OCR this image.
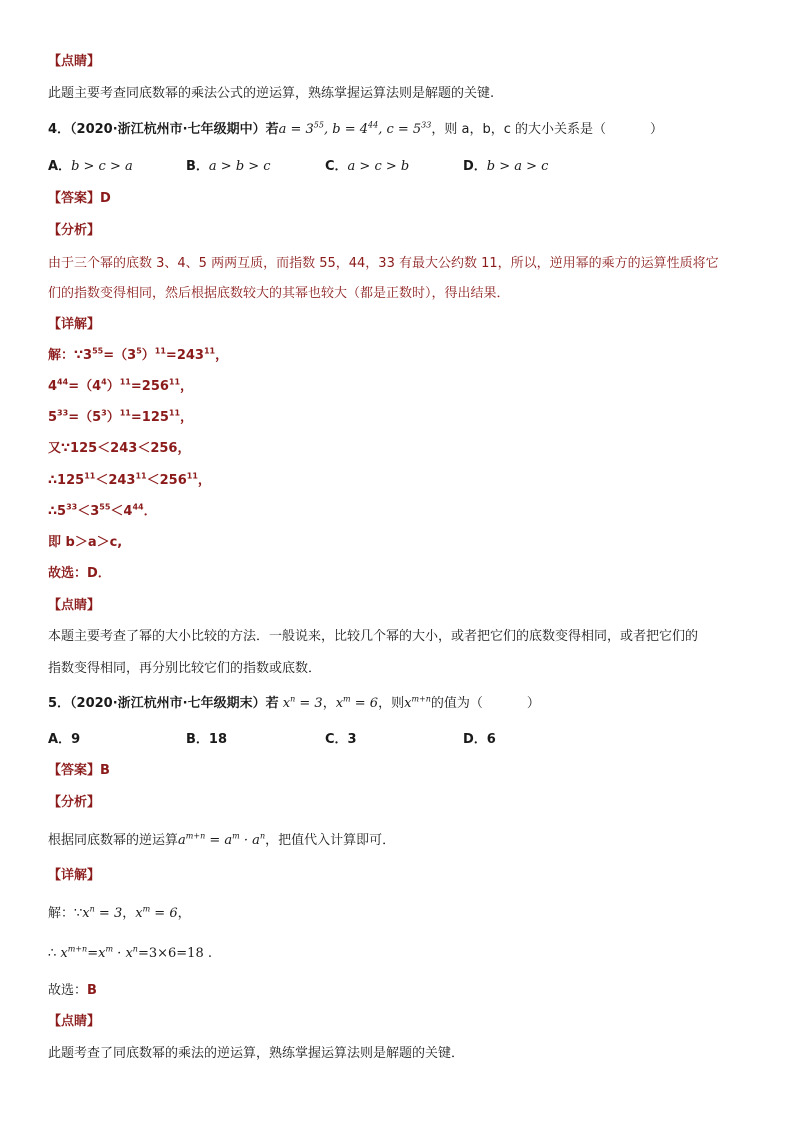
【点睛】
此题主要考查同底数幂的乘法公式的逆运算，熟练掌握运算法则是解题的关键.
4．（2020·浙江杭州市·七年级期中）若$a = 3^{55}$, $b = 4^{44}$, $c = 5^{33}$，则 a，b，c 的大小关系是（	）
A．b > c > a	B．a > b > c	C．a > c > b	D．b > a > c
【答案】D
【分析】
由于三个幂的底数 3、4、5 两两互质，而指数 55，44，33 有最大公约数 11，所以，逆用幂的乘方的运算性质将它
们的指数变得相同，然后根据底数较大的其幂也较大（都是正数时），得出结果．
【详解】
解：$\because 3^{55}=(3^5)^{11}=243^{11}$，
$4^{44}=(4^4)^{11}=256^{11}$，
$5^{33}=(5^3)^{11}=125^{11}$，
又∵125＜243＜256，
$\therefore 125^{11}<243^{11}<256^{11}$，
$\therefore 5^{33}<3^{55}<4^{44}$．
即 b＞a＞c,
故选：D．
【点睛】
本题主要考查了幂的大小比较的方法．一般说来，比较几个幂的大小，或者把它们的底数变得相同，或者把它们的
指数变得相同，再分别比较它们的指数或底数．
5．（2020·浙江杭州市·七年级期末）若 $x^n = 3$，$x^m = 6$，则$x^{m+n}$的值为（	）
A．9	B．18	C．3	D．6
【答案】B
【分析】
根据同底数幂的逆运算$a^{m+n} = a^m \cdot a^n$，把值代入计算即可．
【详解】
解：$\because x^n = 3$，$x^m = 6$，
∴ $x^{m+n}=x^m \cdot x^n=3\times 6=18$ .
故选：B
【点睛】
此题考查了同底数幂的乘法的逆运算，熟练掌握运算法则是解题的关键．
